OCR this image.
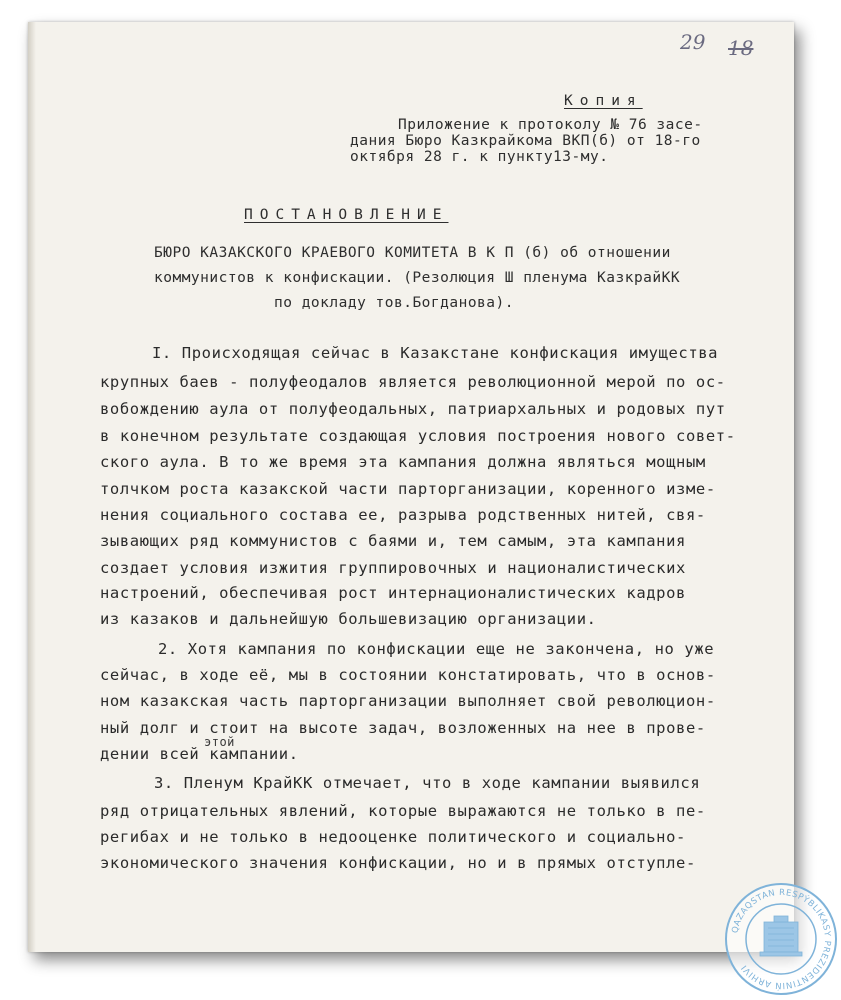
29 18
Копия
Приложение к протоколу № 76 засе-
дания Бюро Казкрайкома ВКП(б) от 18-го
октября 28 г. к пункту13-му.
ПОСТАНОВЛЕНИЕ
БЮРО КАЗАКСКОГО КРАЕВОГО КОМИТЕТА В К П (б) об отношении
коммунистов к конфискации. (Резолюция Ш пленума КазкрайКК
по докладу тов.Богданова).
I. Происходящая сейчас в Казакстане конфискация имущества
крупных баев - полуфеодалов является революционной мерой по ос-
вобождению аула от полуфеодальных, патриархальных и родовых пут
в конечном результате создающая условия построения нового совет-
ского аула. В то же время эта кампания должна являться мощным
толчком роста казакской части парторганизации, коренного изме-
нения социального состава ее, разрыва родственных нитей, свя-
зывающих ряд коммунистов с баями и, тем самым, эта кампания
создает условия изжития группировочных и националистических
настроений, обеспечивая рост интернационалистических кадров
из казаков и дальнейшую большевизацию организации.
2. Хотя кампания по конфискации еще не закончена, но уже
сейчас, в ходе её, мы в состоянии констатировать, что в основ-
ном казакская часть парторганизации выполняет свой революцион-
ный долг и стоит на высоте задач, возложенных на нее в прове-
этой
дении всей кампании.
3. Пленум КрайКК отмечает, что в ходе кампании выявился
ряд отрицательных явлений, которые выражаются не только в пе-
регибах и не только в недооценке политического и социально-
экономического значения конфискации, но и в прямых отступле-
QAZAQSTAN RESPÝBLIKASY PREZIDENTINIŃ ARHIVI
